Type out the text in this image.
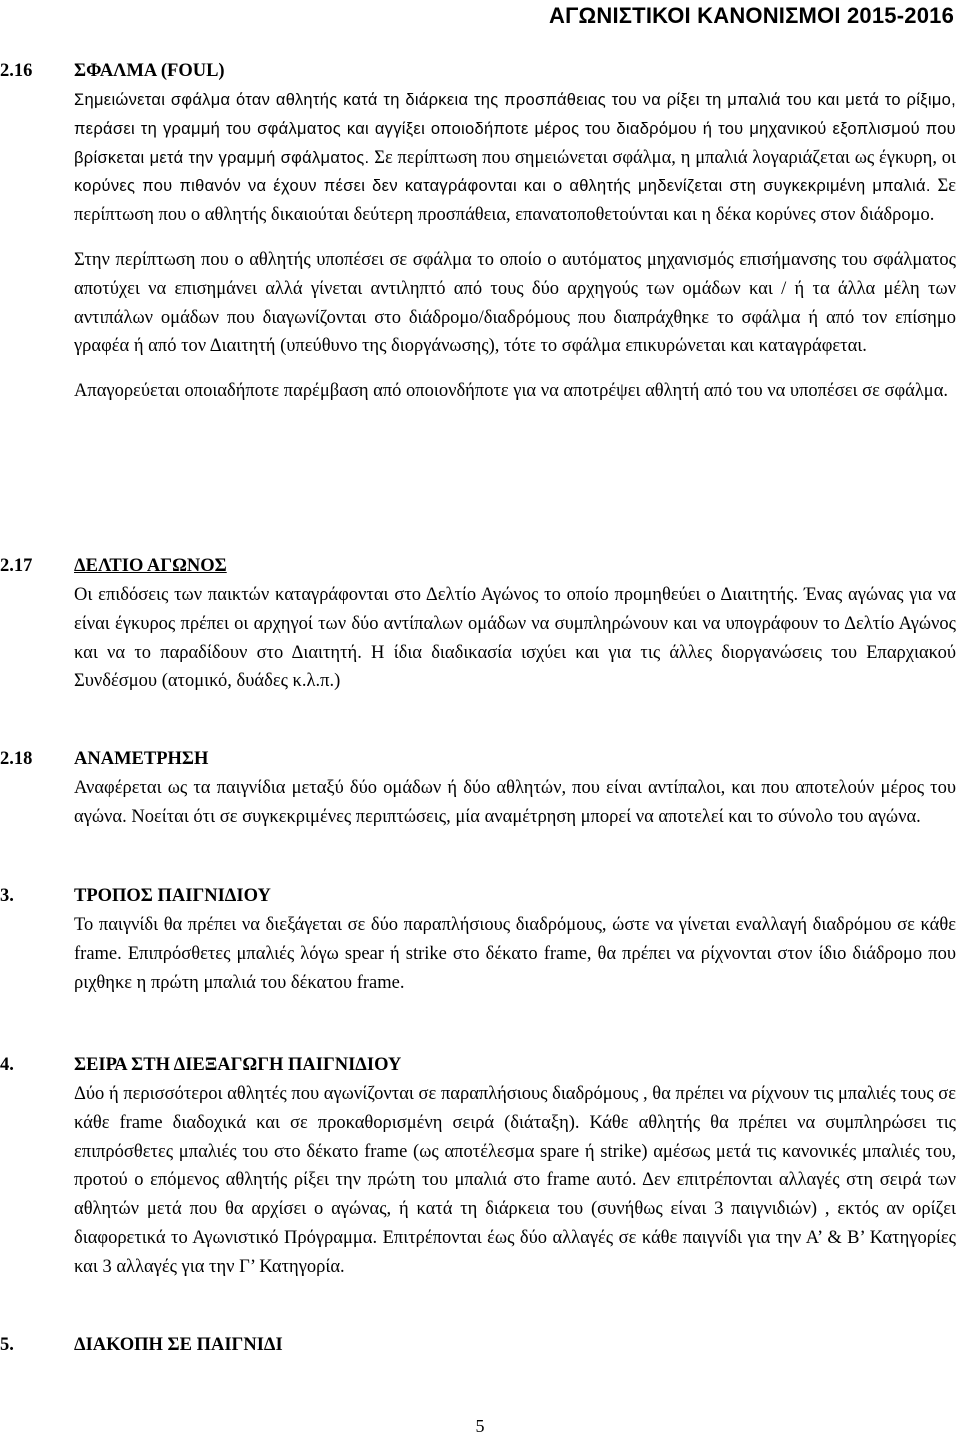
ΑΓΩΝΙΣΤΙΚΟΙ ΚΑΝΟΝΙΣΜΟΙ 2015-2016
2.16 ΣΦΑΛΜΑ (FOUL)

Σημειώνεται σφάλμα όταν αθλητής κατά τη διάρκεια της προσπάθειας του να ρίξει τη μπαλιά του και μετά το ρίξιμο, περάσει τη γραμμή του σφάλματος και αγγίξει οποιοδήποτε μέρος του διαδρόμου ή του μηχανικού εξοπλισμού που βρίσκεται μετά την γραμμή σφάλματος. Σε περίπτωση που σημειώνεται σφάλμα, η μπαλιά λογαριάζεται ως έγκυρη, οι κορύνες που πιθανόν να έχουν πέσει δεν καταγράφονται και ο αθλητής μηδενίζεται στη συγκεκριμένη μπαλιά. Σε περίπτωση που ο αθλητής δικαιούται δεύτερη προσπάθεια, επανατοποθετούνται και η δέκα κορύνες στον διάδρομο.

Στην περίπτωση που ο αθλητής υποπέσει σε σφάλμα το οποίο ο αυτόματος μηχανισμός επισήμανσης του σφάλματος αποτύχει να επισημάνει αλλά γίνεται αντιληπτό από τους δύο αρχηγούς των ομάδων και / ή τα άλλα μέλη των αντιπάλων ομάδων που διαγωνίζονται στο διάδρομο/διαδρόμους που διαπράχθηκε το σφάλμα ή από τον επίσημο γραφέα ή από τον Διαιτητή (υπεύθυνο της διοργάνωσης), τότε το σφάλμα επικυρώνεται και καταγράφεται.

Απαγορεύεται οποιαδήποτε παρέμβαση από οποιονδήποτε για να αποτρέψει αθλητή από του να υποπέσει σε σφάλμα.

2.17 ΔΕΛΤΙΟ ΑΓΩΝΟΣ

Οι επιδόσεις των παικτών καταγράφονται στο Δελτίο Αγώνος το οποίο προμηθεύει ο Διαιτητής. Ένας αγώνας για να είναι έγκυρος πρέπει οι αρχηγοί των δύο αντίπαλων ομάδων να συμπληρώνουν και να υπογράφουν το Δελτίο Αγώνος και να το παραδίδουν στο Διαιτητή. Η ίδια διαδικασία ισχύει και για τις άλλες διοργανώσεις του Επαρχιακού Συνδέσμου (ατομικό, δυάδες κ.λ.π.)

2.18 ΑΝΑΜΕΤΡΗΣΗ

Αναφέρεται ως τα παιγνίδια μεταξύ δύο ομάδων ή δύο αθλητών, που είναι αντίπαλοι, και που αποτελούν μέρος του αγώνα. Νοείται ότι σε συγκεκριμένες περιπτώσεις, μία αναμέτρηση μπορεί να αποτελεί και το σύνολο του αγώνα.

3.	ΤΡΟΠΟΣ ΠΑΙΓΝΙΔΙΟΥ

Το παιγνίδι θα πρέπει να διεξάγεται σε δύο παραπλήσιους διαδρόμους, ώστε να γίνεται εναλλαγή διαδρόμου σε κάθε frame. Επιπρόσθετες μπαλιές λόγω spear ή strike στο δέκατο frame, θα πρέπει να ρίχνονται στον ίδιο διάδρομο που ριχθηκε η πρώτη μπαλιά του δέκατου frame.

4.	ΣΕΙΡΑ ΣΤΗ ΔΙΕΞΑΓΩΓΗ ΠΑΙΓΝΙΔΙΟΥ

Δύο ή περισσότεροι αθλητές που αγωνίζονται σε παραπλήσιους διαδρόμους , θα πρέπει να ρίχνουν τις μπαλιές τους σε κάθε frame διαδοχικά και σε προκαθορισμένη σειρά (διάταξη). Κάθε αθλητής θα πρέπει να συμπληρώσει τις επιπρόσθετες μπαλιές του στο δέκατο frame (ως αποτέλεσμα spare ή strike) αμέσως μετά τις κανονικές μπαλιές του, προτού ο επόμενος αθλητής ρίξει την πρώτη του μπαλιά στο frame αυτό. Δεν επιτρέπονται αλλαγές στη σειρά των αθλητών μετά που θα αρχίσει ο αγώνας, ή κατά τη διάρκεια του (συνήθως είναι 3 παιγνιδιών) , εκτός αν ορίζει διαφορετικά το Αγωνιστικό Πρόγραμμα. Επιτρέπονται έως δύο αλλαγές σε κάθε παιγνίδι για την Α’ & Β’ Κατηγορίες και 3 αλλαγές για την Γ’ Κατηγορία.

5.	ΔΙΑΚΟΠΗ ΣΕ ΠΑΙΓΝΙΔΙ
5
